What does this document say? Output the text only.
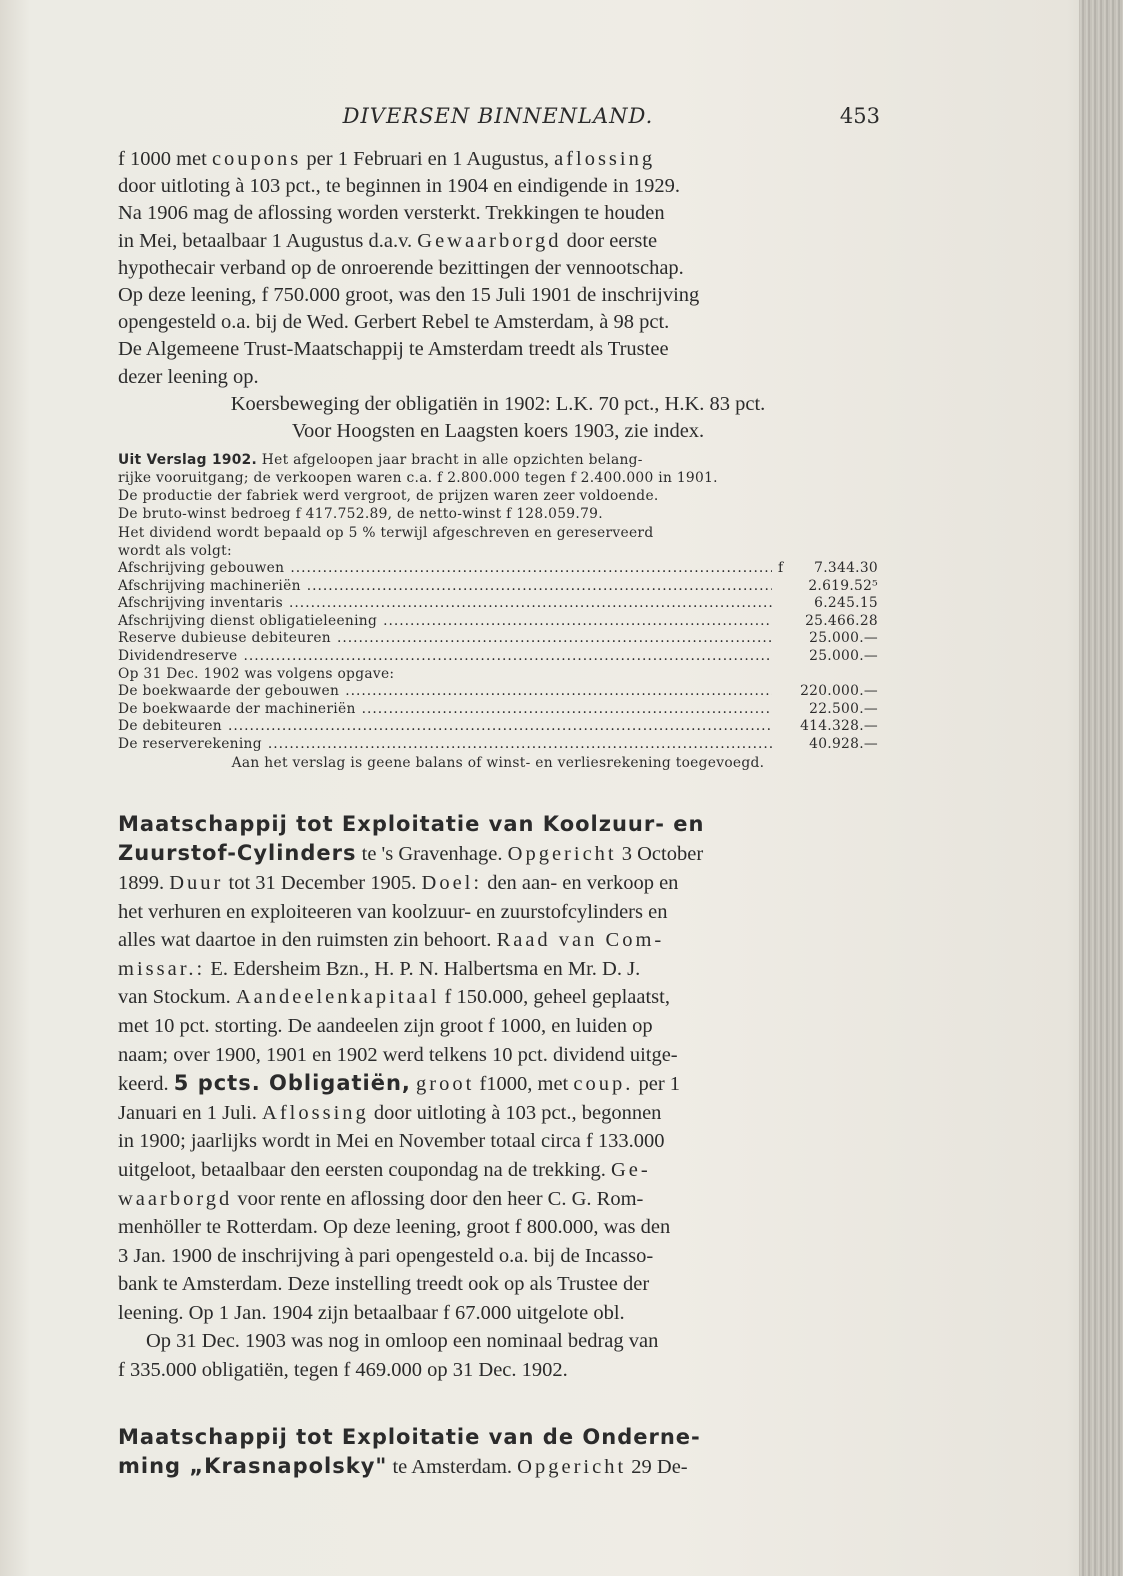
DIVERSEN BINNENLAND.	453

f 1000 met coupons per 1 Februari en 1 Augustus, aflossing
door uitloting à 103 pct., te beginnen in 1904 en eindigende in 1929.
Na 1906 mag de aflossing worden versterkt. Trekkingen te houden
in Mei, betaalbaar 1 Augustus d.a.v. Gewaarborgd door eerste
hypothecair verband op de onroerende bezittingen der vennootschap.
Op deze leening, f 750.000 groot, was den 15 Juli 1901 de inschrijving
opengesteld o.a. bij de Wed. Gerbert Rebel te Amsterdam, à 98 pct.
De Algemeene Trust-Maatschappij te Amsterdam treedt als Trustee
dezer leening op.

Koersbeweging der obligatiën in 1902: L.K. 70 pct., H.K. 83 pct.

Voor Hoogsten en Laagsten koers 1903, zie index.

Uit Verslag 1902. Het afgeloopen jaar bracht in alle opzichten belang-
rijke vooruitgang; de verkoopen waren c.a. f 2.800.000 tegen f 2.400.000 in 1901.
De productie der fabriek werd vergroot, de prijzen waren zeer voldoende.
De bruto-winst bedroeg f 417.752.89, de netto-winst f 128.059.79.
Het dividend wordt bepaald op 5 % terwijl afgeschreven en gereserveerd
wordt als volgt:

Afschrijving gebouwen .....	f	7.344.30
Afschrijving machineriën .....	2.619.52⁵
Afschrijving inventaris .....	6.245.15
Afschrijving dienst obligatieleening .....	25.466.28
Reserve dubieuse debiteuren .....	25.000.—
Dividendreserve .....	25.000.—
Op 31 Dec. 1902 was volgens opgave:
De boekwaarde der gebouwen .....	220.000.—
De boekwaarde der machineriën .....	22.500.—
De debiteuren .....	414.328.—
De reserverekening .....	40.928.—

Aan het verslag is geene balans of winst- en verliesrekening toegevoegd.

Maatschappij tot Exploitatie van Koolzuur- en
Zuurstof-Cylinders te 's Gravenhage. Opgericht 3 October
1899. Duur tot 31 December 1905. Doel: den aan- en verkoop en
het verhuren en exploiteeren van koolzuur- en zuurstofcylinders en
alles wat daartoe in den ruimsten zin behoort. Raad van Com-
missar.: E. Edersheim Bzn., H. P. N. Halbertsma en Mr. D. J.
van Stockum. Aandeelenkapitaal f 150.000, geheel geplaatst,
met 10 pct. storting. De aandeelen zijn groot f 1000, en luiden op
naam; over 1900, 1901 en 1902 werd telkens 10 pct. dividend uitge-
keerd. 5 pcts. Obligatiën, groot f1000, met coup. per 1
Januari en 1 Juli. Aflossing door uitloting à 103 pct., begonnen
in 1900; jaarlijks wordt in Mei en November totaal circa f 133.000
uitgeloot, betaalbaar den eersten coupondag na de trekking. Ge-
waarborgd voor rente en aflossing door den heer C. G. Rom-
menhöller te Rotterdam. Op deze leening, groot f 800.000, was den
3 Jan. 1900 de inschrijving à pari opengesteld o.a. bij de Incasso-
bank te Amsterdam. Deze instelling treedt ook op als Trustee der
leening. Op 1 Jan. 1904 zijn betaalbaar f 67.000 uitgelote obl.

Op 31 Dec. 1903 was nog in omloop een nominaal bedrag van

f 335.000 obligatiën, tegen f 469.000 op 31 Dec. 1902.

Maatschappij tot Exploitatie van de Onderne-
ming „Krasnapolsky" te Amsterdam. Opgericht 29 De-
